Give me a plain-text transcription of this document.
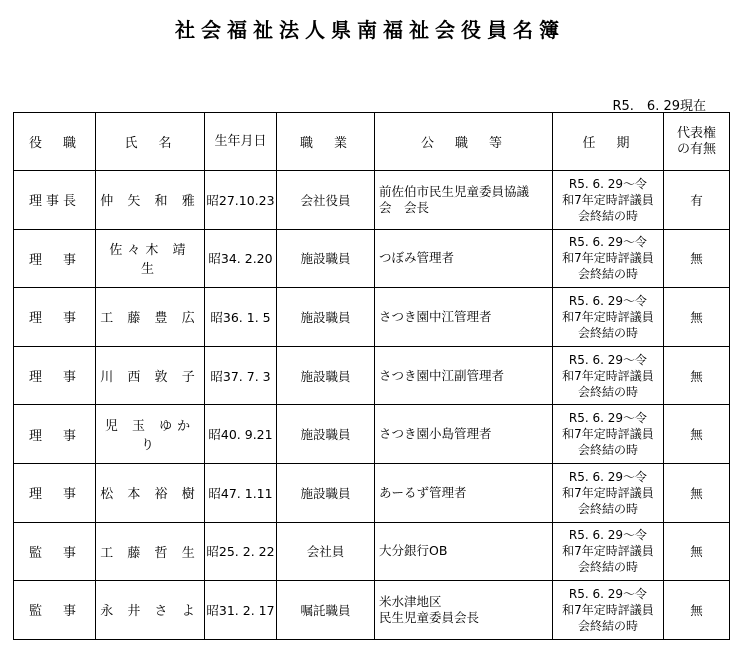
社会福祉法人県南福祉会役員名簿
R5.　6. 29現在
役　職	氏　名	生年月日	職　業	公　職　等	任　期	代表権
の有無
理事長	仲 矢 和 雅	昭27.10.23	会社役員	前佐伯市民生児童委員協議
会　会長	R5. 6. 29～令
和7年定時評議員
会終結の時	有
理　事	佐々木 靖 生	昭34. 2.20	施設職員	つぼみ管理者	R5. 6. 29～令
和7年定時評議員
会終結の時	無
理　事	工 藤 豊 広	昭36. 1. 5	施設職員	さつき園中江管理者	R5. 6. 29～令
和7年定時評議員
会終結の時	無
理　事	川 西 敦 子	昭37. 7. 3	施設職員	さつき園中江副管理者	R5. 6. 29～令
和7年定時評議員
会終結の時	無
理　事	児 玉 ゆかり	昭40. 9.21	施設職員	さつき園小島管理者	R5. 6. 29～令
和7年定時評議員
会終結の時	無
理　事	松 本 裕 樹	昭47. 1.11	施設職員	あーるず管理者	R5. 6. 29～令
和7年定時評議員
会終結の時	無
監　事	工 藤 哲 生	昭25. 2. 22	会社員	大分銀行OB	R5. 6. 29～令
和7年定時評議員
会終結の時	無
監　事	永 井 さ よ	昭31. 2. 17	嘱託職員	米水津地区
民生児童委員会長	R5. 6. 29～令
和7年定時評議員
会終結の時	無
